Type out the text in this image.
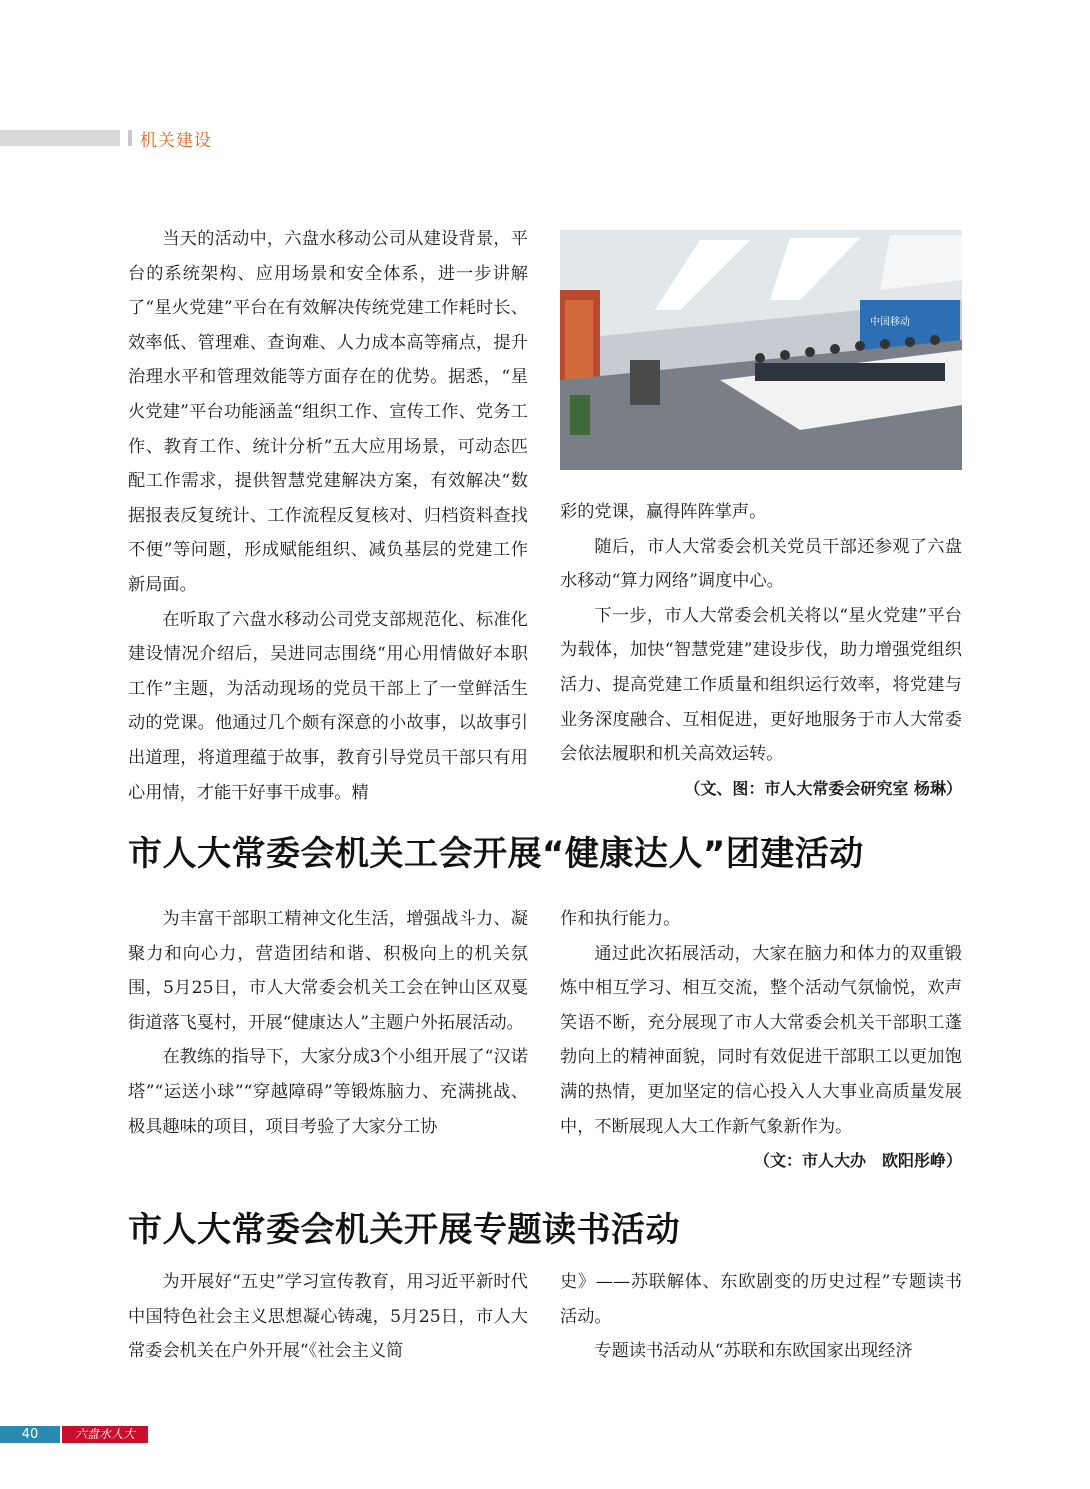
机关建设

当天的活动中，六盘水移动公司从建设背景，平台的系统架构、应用场景和安全体系，进一步讲解了“星火党建”平台在有效解决传统党建工作耗时长、效率低、管理难、查询难、人力成本高等痛点，提升治理水平和管理效能等方面存在的优势。据悉，“星火党建”平台功能涵盖“组织工作、宣传工作、党务工作、教育工作、统计分析”五大应用场景，可动态匹配工作需求，提供智慧党建解决方案，有效解决“数据报表反复统计、工作流程反复核对、归档资料查找不便”等问题，形成赋能组织、减负基层的党建工作新局面。

在听取了六盘水移动公司党支部规范化、标准化建设情况介绍后，吴进同志围绕“用心用情做好本职工作”主题，为活动现场的党员干部上了一堂鲜活生动的党课。他通过几个颇有深意的小故事，以故事引出道理，将道理蕴于故事，教育引导党员干部只有用心用情，才能干好事干成事。精

中国移动

彩的党课，赢得阵阵掌声。

随后，市人大常委会机关党员干部还参观了六盘水移动“算力网络”调度中心。

下一步，市人大常委会机关将以“星火党建”平台为载体，加快“智慧党建”建设步伐，助力增强党组织活力、提高党建工作质量和组织运行效率，将党建与业务深度融合、互相促进，更好地服务于市人大常委会依法履职和机关高效运转。

（文、图：市人大常委会研究室 杨琳）

市人大常委会机关工会开展“健康达人”团建活动

为丰富干部职工精神文化生活，增强战斗力、凝聚力和向心力，营造团结和谐、积极向上的机关氛围，5月25日，市人大常委会机关工会在钟山区双戛街道落飞戛村，开展“健康达人”主题户外拓展活动。

在教练的指导下，大家分成3个小组开展了“汉诺塔”“运送小球”“穿越障碍”等锻炼脑力、充满挑战、极具趣味的项目，项目考验了大家分工协

作和执行能力。

通过此次拓展活动，大家在脑力和体力的双重锻炼中相互学习、相互交流，整个活动气氛愉悦，欢声笑语不断，充分展现了市人大常委会机关干部职工蓬勃向上的精神面貌，同时有效促进干部职工以更加饱满的热情，更加坚定的信心投入人大事业高质量发展中，不断展现人大工作新气象新作为。
（文：市人大办　欧阳彤峥）

市人大常委会机关开展专题读书活动

为开展好“五史”学习宣传教育，用习近平新时代中国特色社会主义思想凝心铸魂，5月25日，市人大常委会机关在户外开展“《社会主义简

史》——苏联解体、东欧剧变的历史过程”专题读书活动。

专题读书活动从“苏联和东欧国家出现经济

40	六盘水人大
